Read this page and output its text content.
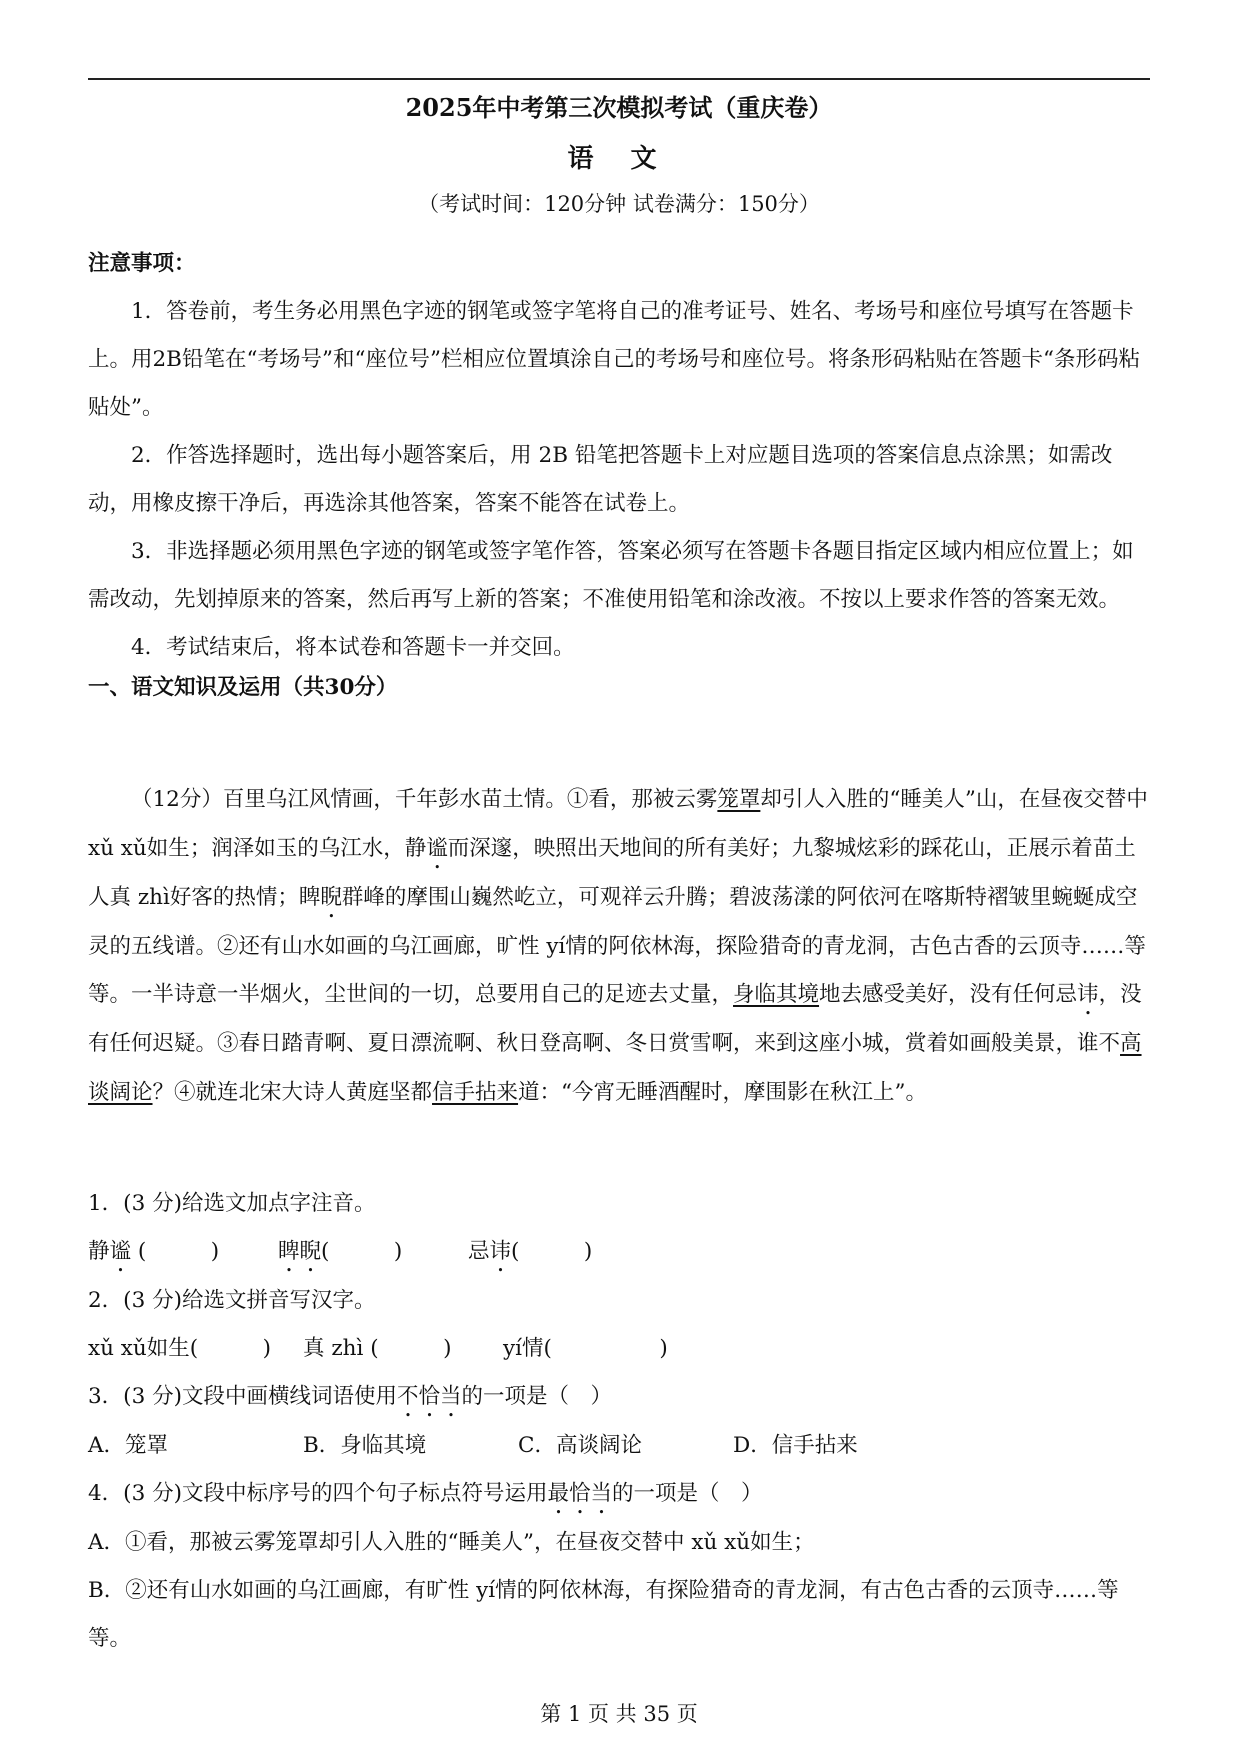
2025年中考第三次模拟考试（重庆卷）
语 文
（考试时间：120分钟 试卷满分：150分）

注意事项：

1．答卷前，考生务必用黑色字迹的钢笔或签字笔将自己的准考证号、姓名、考场号和座位号填写在答题卡上。用2B铅笔在“考场号”和“座位号”栏相应位置填涂自己的考场号和座位号。将条形码粘贴在答题卡“条形码粘贴处”。

2．作答选择题时，选出每小题答案后，用 2B 铅笔把答题卡上对应题目选项的答案信息点涂黑；如需改动，用橡皮擦干净后，再选涂其他答案，答案不能答在试卷上。

3．非选择题必须用黑色字迹的钢笔或签字笔作答，答案必须写在答题卡各题目指定区域内相应位置上；如需改动，先划掉原来的答案，然后再写上新的答案；不准使用铅笔和涂改液。不按以上要求作答的答案无效。

4．考试结束后，将本试卷和答题卡一并交回。

一、语文知识及运用（共30分）

（12分）百里乌江风情画，千年彭水苗土情。①看，那被云雾笼罩却引人入胜的“睡美人”山，在昼夜交替中 xǔ xǔ如生；润泽如玉的乌江水，静谧而深邃，映照出天地间的所有美好；九黎城炫彩的踩花山，正展示着苗土人真 zhì好客的热情；睥睨群峰的摩围山巍然屹立，可观祥云升腾；碧波荡漾的阿依河在喀斯特褶皱里蜿蜒成空灵的五线谱。②还有山水如画的乌江画廊，旷性 yí情的阿依林海，探险猎奇的青龙洞，古色古香的云顶寺……等等。一半诗意一半烟火，尘世间的一切，总要用自己的足迹去丈量，身临其境地去感受美好，没有任何忌讳，没有任何迟疑。③春日踏青啊、夏日漂流啊、秋日登高啊、冬日赏雪啊，来到这座小城，赏着如画般美景，谁不高谈阔论？④就连北宋大诗人黄庭坚都信手拈来道：“今宵无睡酒醒时，摩围影在秋江上”。

1．(3 分)给选文加点字注音。

静谧 (　　　)	睥睨(　　　)	忌讳(　　　)

2．(3 分)给选文拼音写汉字。

xǔ xǔ如生(　　　)	真 zhì (　　　)	yí情(　　　　　)

3．(3 分)文段中画横线词语使用不恰当的一项是（　）

A．笼罩	B．身临其境	C．高谈阔论	D．信手拈来

4．(3 分)文段中标序号的四个句子标点符号运用最恰当的一项是（　）

A．①看，那被云雾笼罩却引人入胜的“睡美人”，在昼夜交替中 xǔ xǔ如生；

B．②还有山水如画的乌江画廊，有旷性 yí情的阿依林海，有探险猎奇的青龙洞，有古色古香的云顶寺……等等。

第 1 页 共 35 页
